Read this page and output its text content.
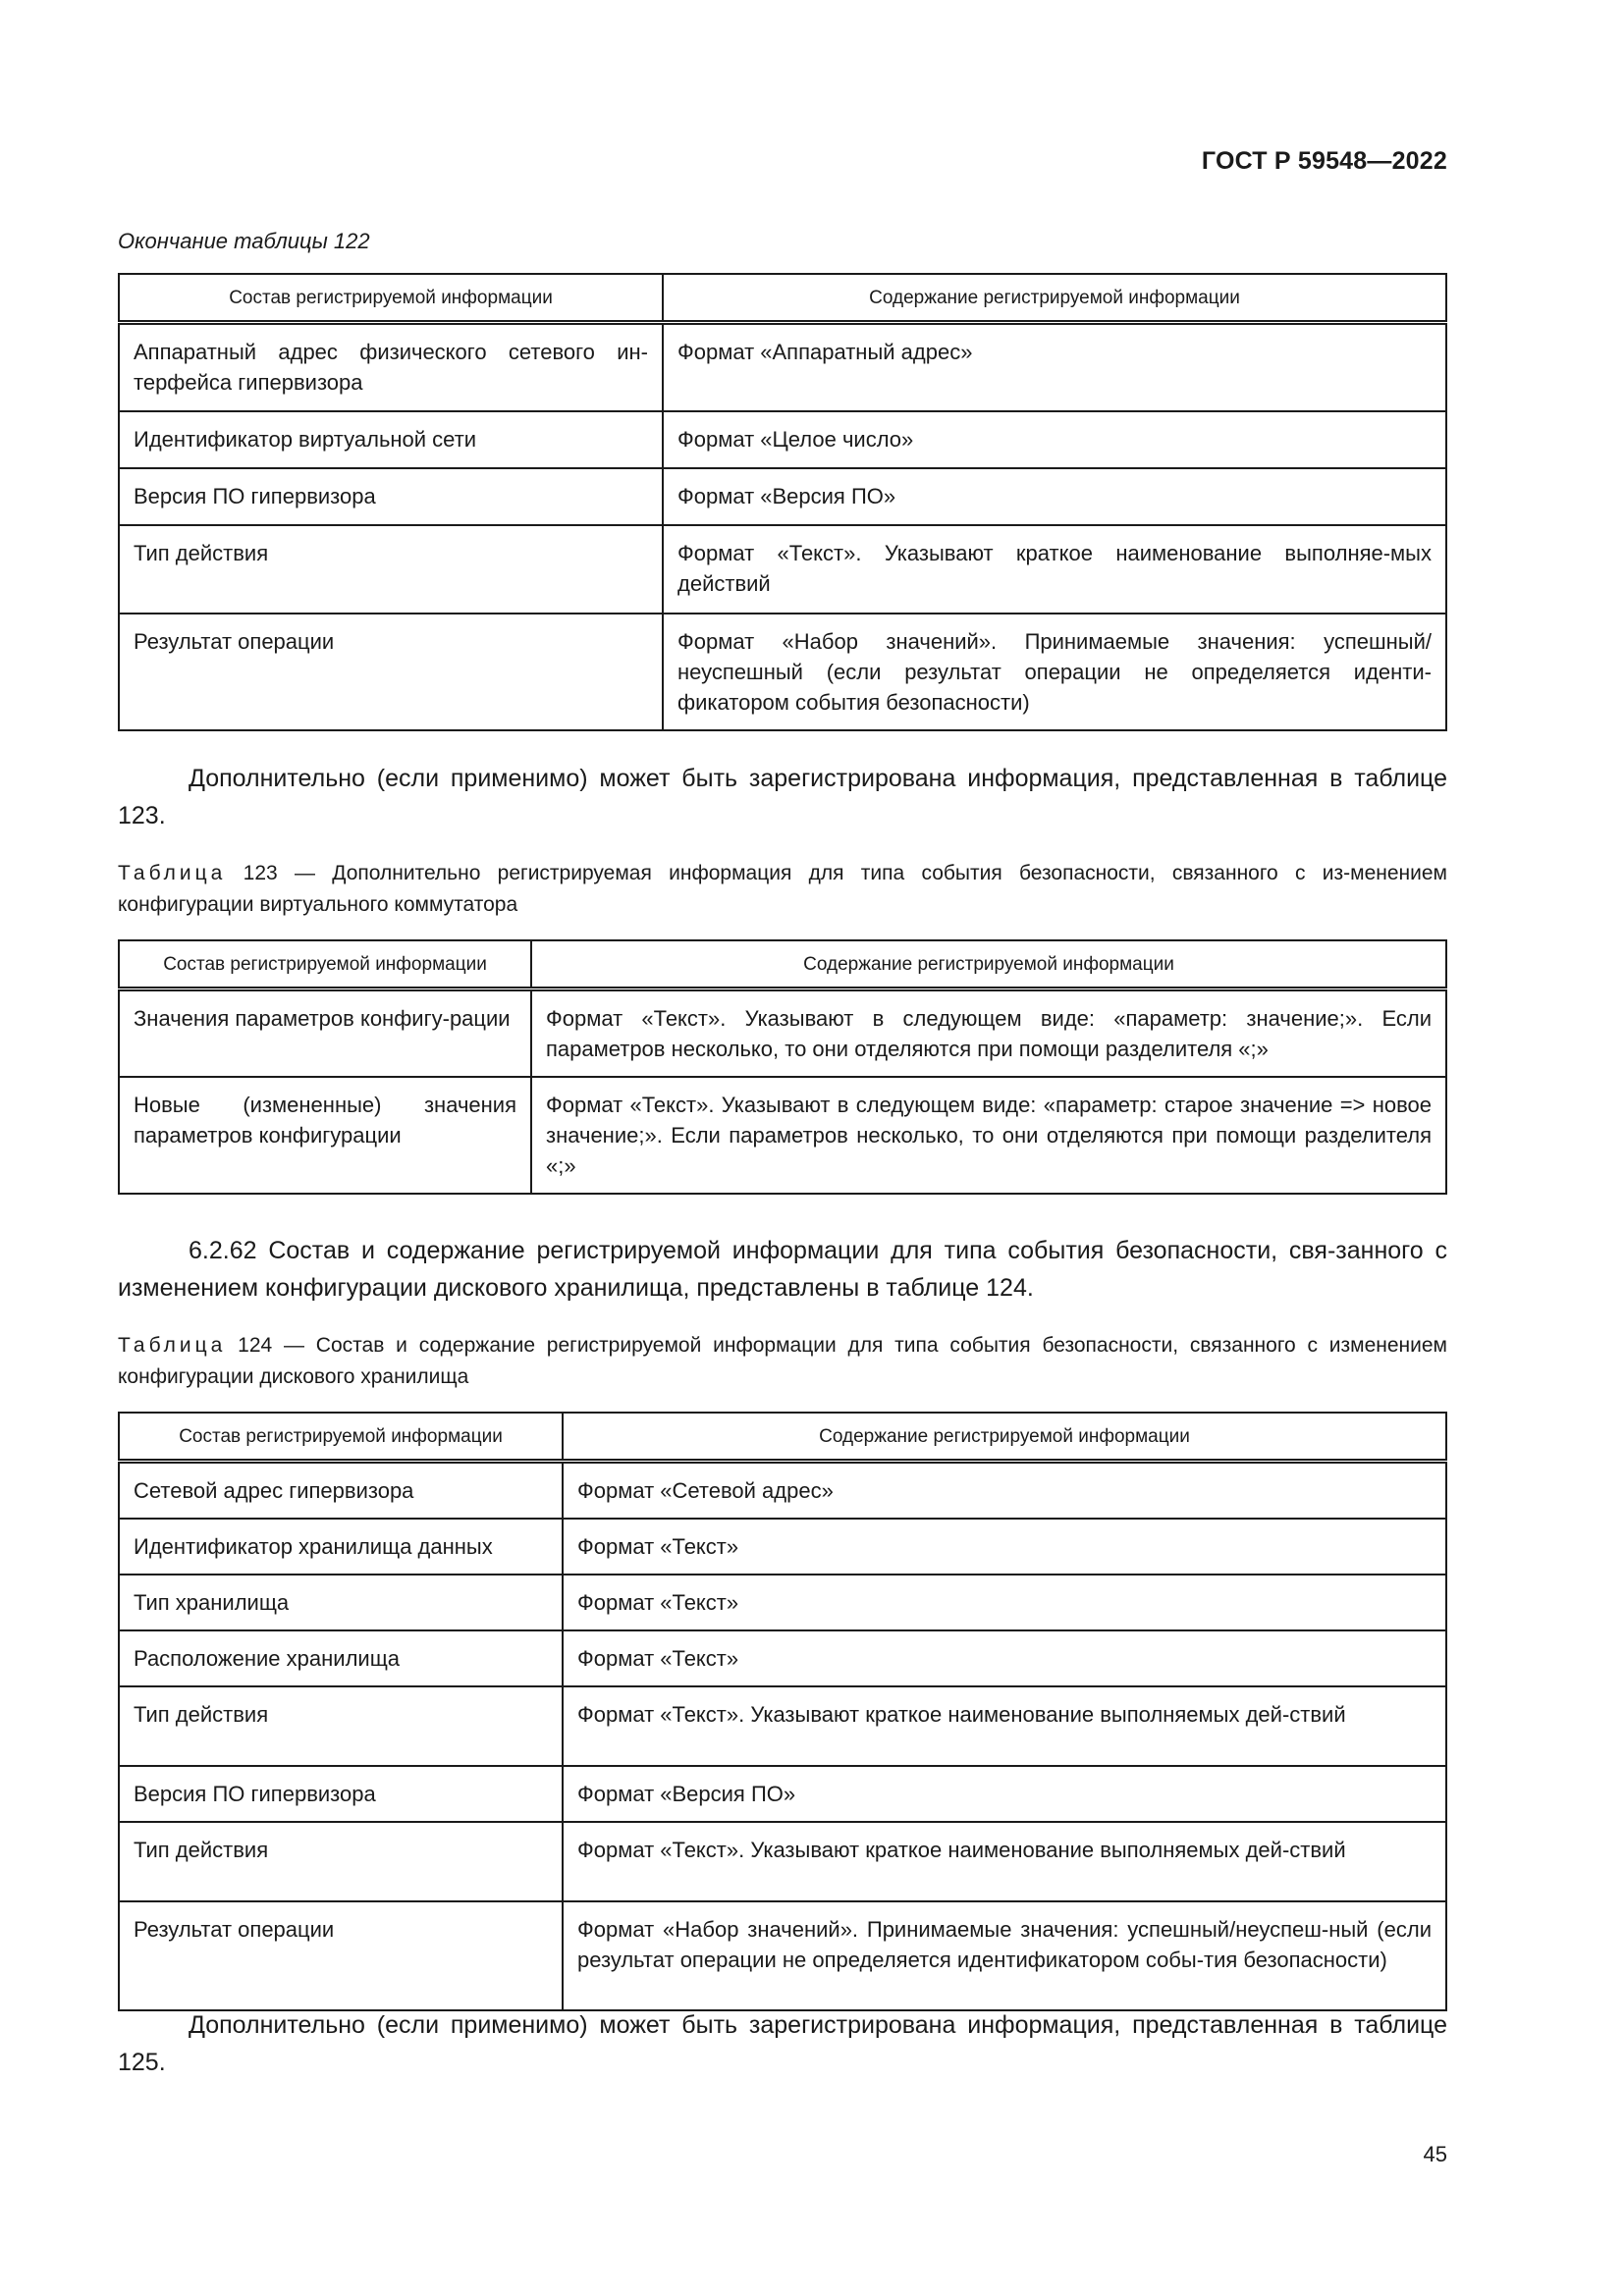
ГОСТ Р 59548—2022
Окончание таблицы 122
Состав регистрируемой информации	Содержание регистрируемой информации
Аппаратный адрес физического сетевого ин-терфейса гипервизора	Формат «Аппаратный адрес»
Идентификатор виртуальной сети	Формат «Целое число»
Версия ПО гипервизора	Формат «Версия ПО»
Тип действия	Формат «Текст». Указывают краткое наименование выполняе-мых действий
Результат операции	Формат «Набор значений». Принимаемые значения: успешный/ неуспешный (если результат операции не определяется иденти-фикатором события безопасности)
Дополнительно (если применимо) может быть зарегистрирована информация, представленная в таблице 123.
Таблица 123 — Дополнительно регистрируемая информация для типа события безопасности, связанного с из-менением конфигурации виртуального коммутатора
Состав регистрируемой информации	Содержание регистрируемой информации
Значения параметров конфигу-рации	Формат «Текст». Указывают в следующем виде: «параметр: значение;». Если параметров несколько, то они отделяются при помощи разделителя «;»
Новые (измененные) значения параметров конфигурации	Формат «Текст». Указывают в следующем виде: «параметр: старое значение => новое значение;». Если параметров несколько, то они отделяются при помощи разделителя «;»
6.2.62 Состав и содержание регистрируемой информации для типа события безопасности, свя-занного с изменением конфигурации дискового хранилища, представлены в таблице 124.
Таблица 124 — Состав и содержание регистрируемой информации для типа события безопасности, связанного с изменением конфигурации дискового хранилища
Состав регистрируемой информации	Содержание регистрируемой информации
Сетевой адрес гипервизора	Формат «Сетевой адрес»
Идентификатор хранилища данных	Формат «Текст»
Тип хранилища	Формат «Текст»
Расположение хранилища	Формат «Текст»
Тип действия	Формат «Текст». Указывают краткое наименование выполняемых дей-ствий
Версия ПО гипервизора	Формат «Версия ПО»
Тип действия	Формат «Текст». Указывают краткое наименование выполняемых дей-ствий
Результат операции	Формат «Набор значений». Принимаемые значения: успешный/неуспеш-ный (если результат операции не определяется идентификатором собы-тия безопасности)
Дополнительно (если применимо) может быть зарегистрирована информация, представленная в таблице 125.
45
